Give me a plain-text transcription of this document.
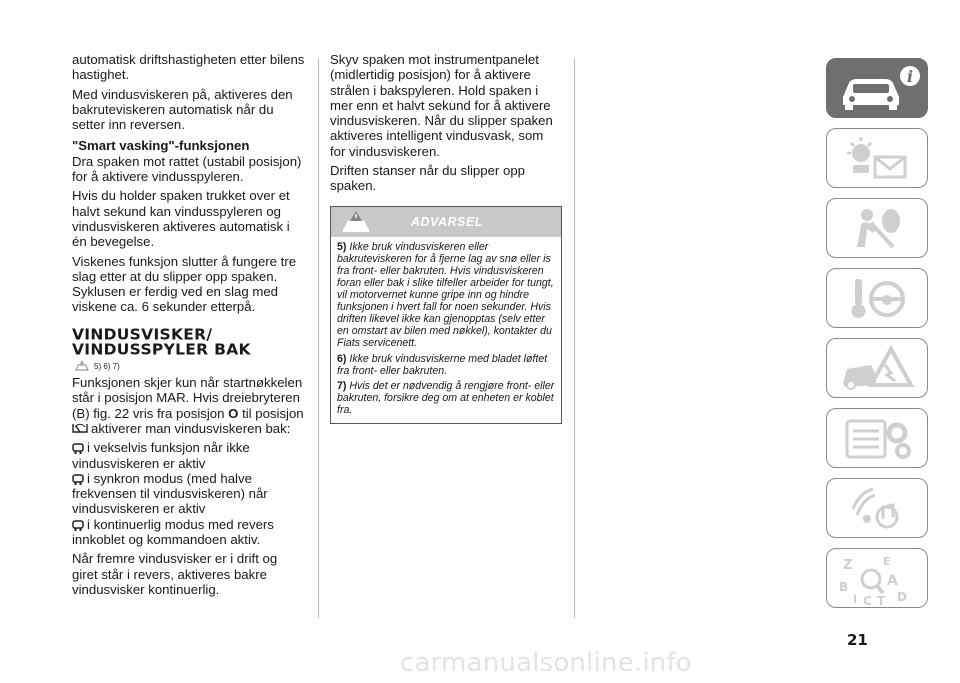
automatisk driftshastigheten etter bilens hastighet.

Med vindusviskeren på, aktiveres den bakruteviskeren automatisk når du setter inn reversen.

"Smart vasking"-funksjonen

Dra spaken mot rattet (ustabil posisjon) for å aktivere vindusspyleren.

Hvis du holder spaken trukket over et halvt sekund kan vindusspyleren og vindusviskeren aktiveres automatisk i én bevegelse.

Viskenes funksjon slutter å fungere tre slag etter at du slipper opp spaken. Syklusen er ferdig ved en slag med viskene ca. 6 sekunder etterpå.

VINDUSVISKER/
VINDUSSPYLER BAK
5) 6) 7)

Funksjonen skjer kun når startnøkkelen står i posisjon MAR. Hvis dreiebryteren (B) fig. 22 vris fra posisjon O til posisjon

aktiverer man vindusviskeren bak:

i vekselvis funksjon når ikke vindusviskeren er aktiv

i synkron modus (med halve frekvensen til vindusviskeren) når vindusviskeren er aktiv

i kontinuerlig modus med revers innkoblet og kommandoen aktiv.

Når fremre vindusvisker er i drift og giret står i revers, aktiveres bakre vindusvisker kontinuerlig.

Skyv spaken mot instrumentpanelet (midlertidig posisjon) for å aktivere strålen i bakspyleren. Hold spaken i mer enn et halvt sekund for å aktivere vindusviskeren. Når du slipper spaken aktiveres intelligent vindusvask, som for vindusviskeren.

Driften stanser når du slipper opp spaken.

ADVARSEL

5) Ikke bruk vindusviskeren eller bakruteviskeren for å fjerne lag av snø eller is fra front- eller bakruten. Hvis vindusviskeren foran eller bak i slike tilfeller arbeider for tungt, vil motorvernet kunne gripe inn og hindre funksjonen i hvert fall for noen sekunder. Hvis driften likevel ikke kan gjenopptas (selv etter en omstart av bilen med nøkkel), kontakter du Fiats servicenett.

6) Ikke bruk vindusviskerne med bladet løftet fra front- eller bakruten.

7) Hvis det er nødvendig å rengjøre front- eller bakruten, forsikre deg om at enheten er koblet fra.

i
Z	E
B	A
I C T D
21
carmanualsonline.info
